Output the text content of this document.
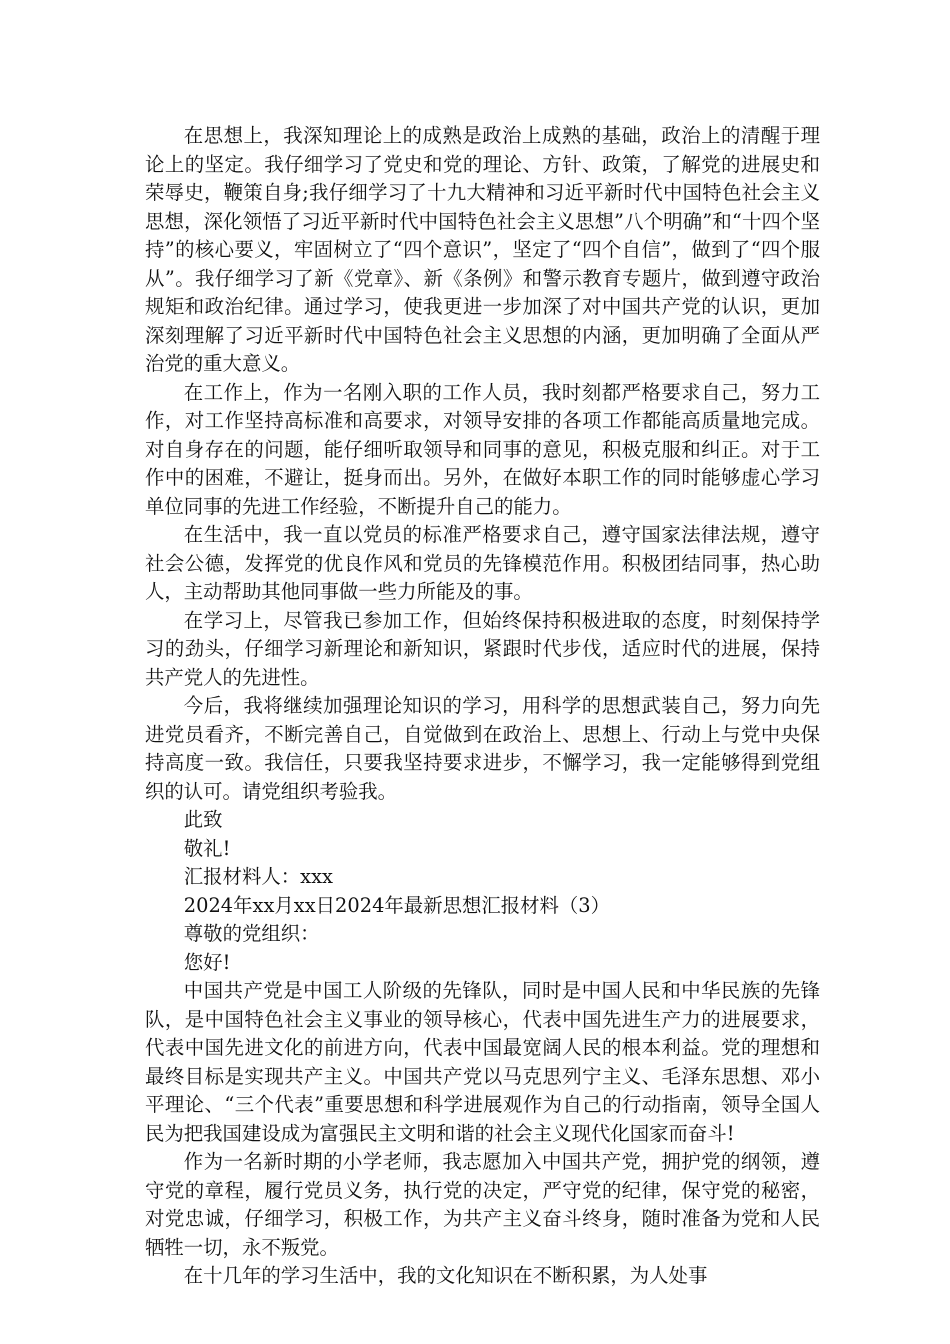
在思想上，我深知理论上的成熟是政治上成熟的基础，政治上的清醒于理论上的坚定。我仔细学习了党史和党的理论、方针、政策，了解党的进展史和荣辱史，鞭策自身;我仔细学习了十九大精神和习近平新时代中国特色社会主义思想，深化领悟了习近平新时代中国特色社会主义思想”八个明确”和“十四个坚持”的核心要义，牢固树立了“四个意识”，坚定了“四个自信”，做到了“四个服从”。我仔细学习了新《党章》、新《条例》和警示教育专题片，做到遵守政治规矩和政治纪律。通过学习，使我更进一步加深了对中国共产党的认识，更加深刻理解了习近平新时代中国特色社会主义思想的内涵，更加明确了全面从严治党的重大意义。

在工作上，作为一名刚入职的工作人员，我时刻都严格要求自己，努力工作，对工作坚持高标准和高要求，对领导安排的各项工作都能高质量地完成。对自身存在的问题，能仔细听取领导和同事的意见，积极克服和纠正。对于工作中的困难，不避让，挺身而出。另外，在做好本职工作的同时能够虚心学习单位同事的先进工作经验，不断提升自己的能力。

在生活中，我一直以党员的标准严格要求自己，遵守国家法律法规，遵守社会公德，发挥党的优良作风和党员的先锋模范作用。积极团结同事，热心助人，主动帮助其他同事做一些力所能及的事。

在学习上，尽管我已参加工作，但始终保持积极进取的态度，时刻保持学习的劲头，仔细学习新理论和新知识，紧跟时代步伐，适应时代的进展，保持共产党人的先进性。

今后，我将继续加强理论知识的学习，用科学的思想武装自己，努力向先进党员看齐，不断完善自己，自觉做到在政治上、思想上、行动上与党中央保持高度一致。我信任，只要我坚持要求进步，不懈学习，我一定能够得到党组织的认可。请党组织考验我。

此致

敬礼!

汇报材料人：xxx

2024年xx月xx日2024年最新思想汇报材料（3）

尊敬的党组织：

您好!

中国共产党是中国工人阶级的先锋队，同时是中国人民和中华民族的先锋队，是中国特色社会主义事业的领导核心，代表中国先进生产力的进展要求，代表中国先进文化的前进方向，代表中国最宽阔人民的根本利益。党的理想和最终目标是实现共产主义。中国共产党以马克思列宁主义、毛泽东思想、邓小平理论、“三个代表”重要思想和科学进展观作为自己的行动指南，领导全国人民为把我国建设成为富强民主文明和谐的社会主义现代化国家而奋斗!

作为一名新时期的小学老师，我志愿加入中国共产党，拥护党的纲领，遵守党的章程，履行党员义务，执行党的决定，严守党的纪律，保守党的秘密，对党忠诚，仔细学习，积极工作，为共产主义奋斗终身，随时准备为党和人民牺牲一切，永不叛党。

在十几年的学习生活中，我的文化知识在不断积累，为人处事
